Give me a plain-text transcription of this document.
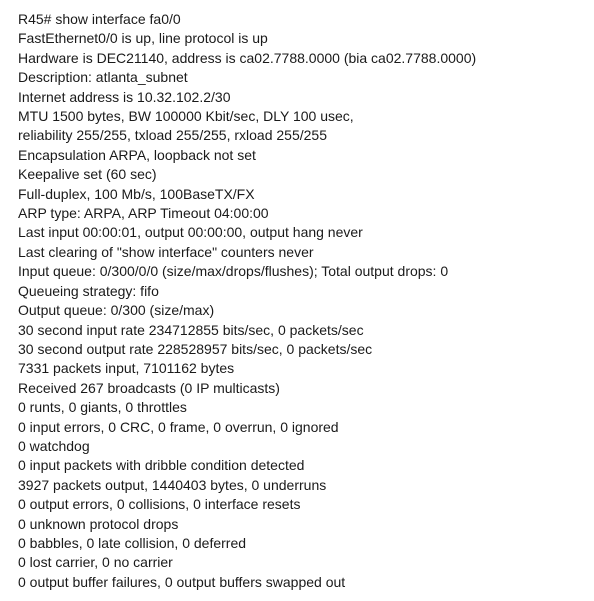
R45# show interface fa0/0
FastEthernet0/0 is up, line protocol is up
Hardware is DEC21140, address is ca02.7788.0000 (bia ca02.7788.0000)
Description: atlanta_subnet
Internet address is 10.32.102.2/30
MTU 1500 bytes, BW 100000 Kbit/sec, DLY 100 usec,
reliability 255/255, txload 255/255, rxload 255/255
Encapsulation ARPA, loopback not set
Keepalive set (60 sec)
Full-duplex, 100 Mb/s, 100BaseTX/FX
ARP type: ARPA, ARP Timeout 04:00:00
Last input 00:00:01, output 00:00:00, output hang never
Last clearing of "show interface" counters never
Input queue: 0/300/0/0 (size/max/drops/flushes); Total output drops: 0
Queueing strategy: fifo
Output queue: 0/300 (size/max)
30 second input rate 234712855 bits/sec, 0 packets/sec
30 second output rate 228528957 bits/sec, 0 packets/sec
7331 packets input, 7101162 bytes
Received 267 broadcasts (0 IP multicasts)
0 runts, 0 giants, 0 throttles
0 input errors, 0 CRC, 0 frame, 0 overrun, 0 ignored
0 watchdog
0 input packets with dribble condition detected
3927 packets output, 1440403 bytes, 0 underruns
0 output errors, 0 collisions, 0 interface resets
0 unknown protocol drops
0 babbles, 0 late collision, 0 deferred
0 lost carrier, 0 no carrier
0 output buffer failures, 0 output buffers swapped out
